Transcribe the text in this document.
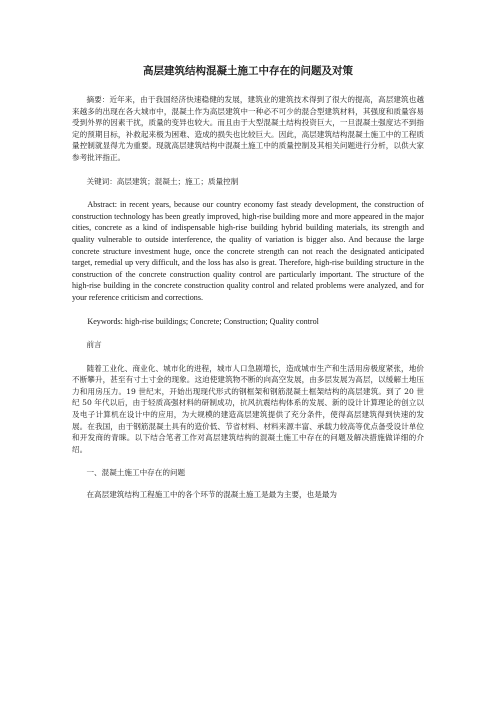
高层建筑结构混凝土施工中存在的问题及对策

摘要：近年来，由于我国经济快速稳健的发展，建筑业的建筑技术得到了很大的提高，高层建筑也越来越多的出现在各大城市中，混凝土作为高层建筑中一种必不可少的混合型建筑材料，其强度和质量容易受到外界的因素干扰，质量的变异也较大。而且由于大型混凝土结构投资巨大，一旦混凝土强度达不到指定的预期目标，补救起来极为困难、造成的损失也比较巨大。因此，高层建筑结构混凝土施工中的工程质量控制就显得尤为重要。现就高层建筑结构中混凝土施工中的质量控制及其相关问题进行分析，以供大家参考批评指正。

关键词：高层建筑；混凝土；施工；质量控制

Abstract: in recent years, because our country economy fast steady development, the construction of construction technology has been greatly improved, high-rise building more and more appeared in the major cities, concrete as a kind of indispensable high-rise building hybrid building materials, its strength and quality vulnerable to outside interference, the quality of variation is bigger also. And because the large concrete structure investment huge, once the concrete strength can not reach the designated anticipated target, remedial up very difficult, and the loss has also is great. Therefore, high-rise building structure in the construction of the concrete construction quality control are particularly important. The structure of the high-rise building in the concrete construction quality control and related problems were analyzed, and for your reference criticism and corrections.

Keywords: high-rise buildings; Concrete; Construction; Quality control

前言

随着工业化、商业化、城市化的进程，城市人口急剧增长，造成城市生产和生活用房极度紧张，地价不断攀升，甚至有寸土寸金的现象。这迫使建筑物不断的向高空发展，由多层发展为高层，以缓解土地压力和用房压力。19 世纪末，开始出现现代形式的钢框架和钢筋混凝土框架结构的高层建筑。到了 20 世纪 50 年代以后，由于轻质高强材料的研制成功，抗风抗震结构体系的发展、新的设计计算理论的创立以及电子计算机在设计中的应用，为大规模的建造高层建筑提供了充分条件，使得高层建筑得到快速的发展。在我国，由于钢筋混凝土具有的造价低、节省材料、材料来源丰富、承载力较高等优点备受设计单位和开发商的青睐。以下结合笔者工作对高层建筑结构的混凝土施工中存在的问题及解决措施做详细的介绍。

一、混凝土施工中存在的问题

在高层建筑结构工程施工中的各个环节的混凝土施工是最为主要，也是最为
